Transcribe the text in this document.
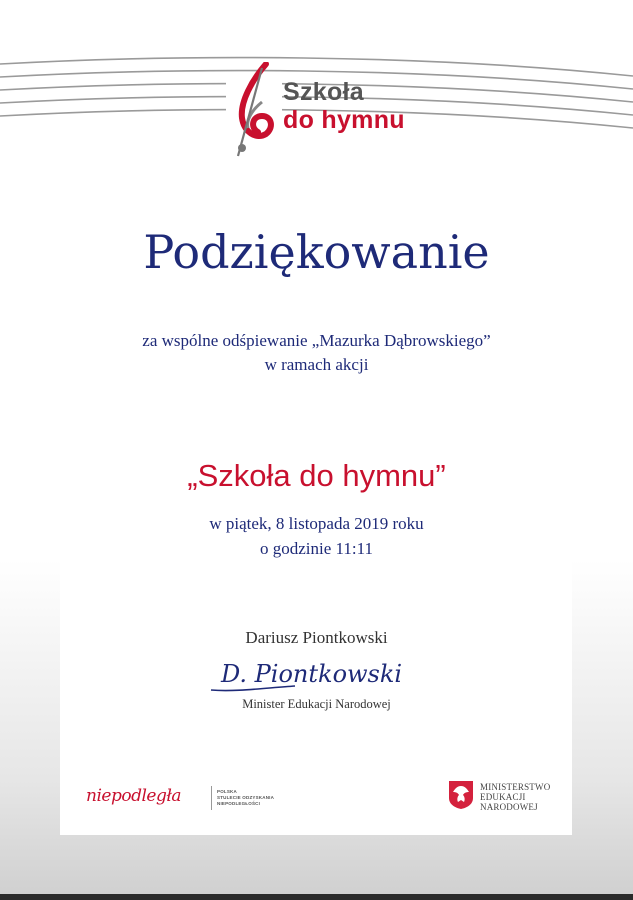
Szkoła
do hymnu
Podziękowanie
za wspólne odśpiewanie „Mazurka Dąbrowskiego”
w ramach akcji
„Szkoła do hymnu”
w piątek, 8 listopada 2019 roku
o godzinie 11:11
Dariusz Piontkowski
D. Piontkowski
Minister Edukacji Narodowej
niepodległa	POLSKA
STULECIE ODZYSKANIA
NIEPODLEGŁOŚCI
MINISTERSTWO
EDUKACJI
NARODOWEJ
